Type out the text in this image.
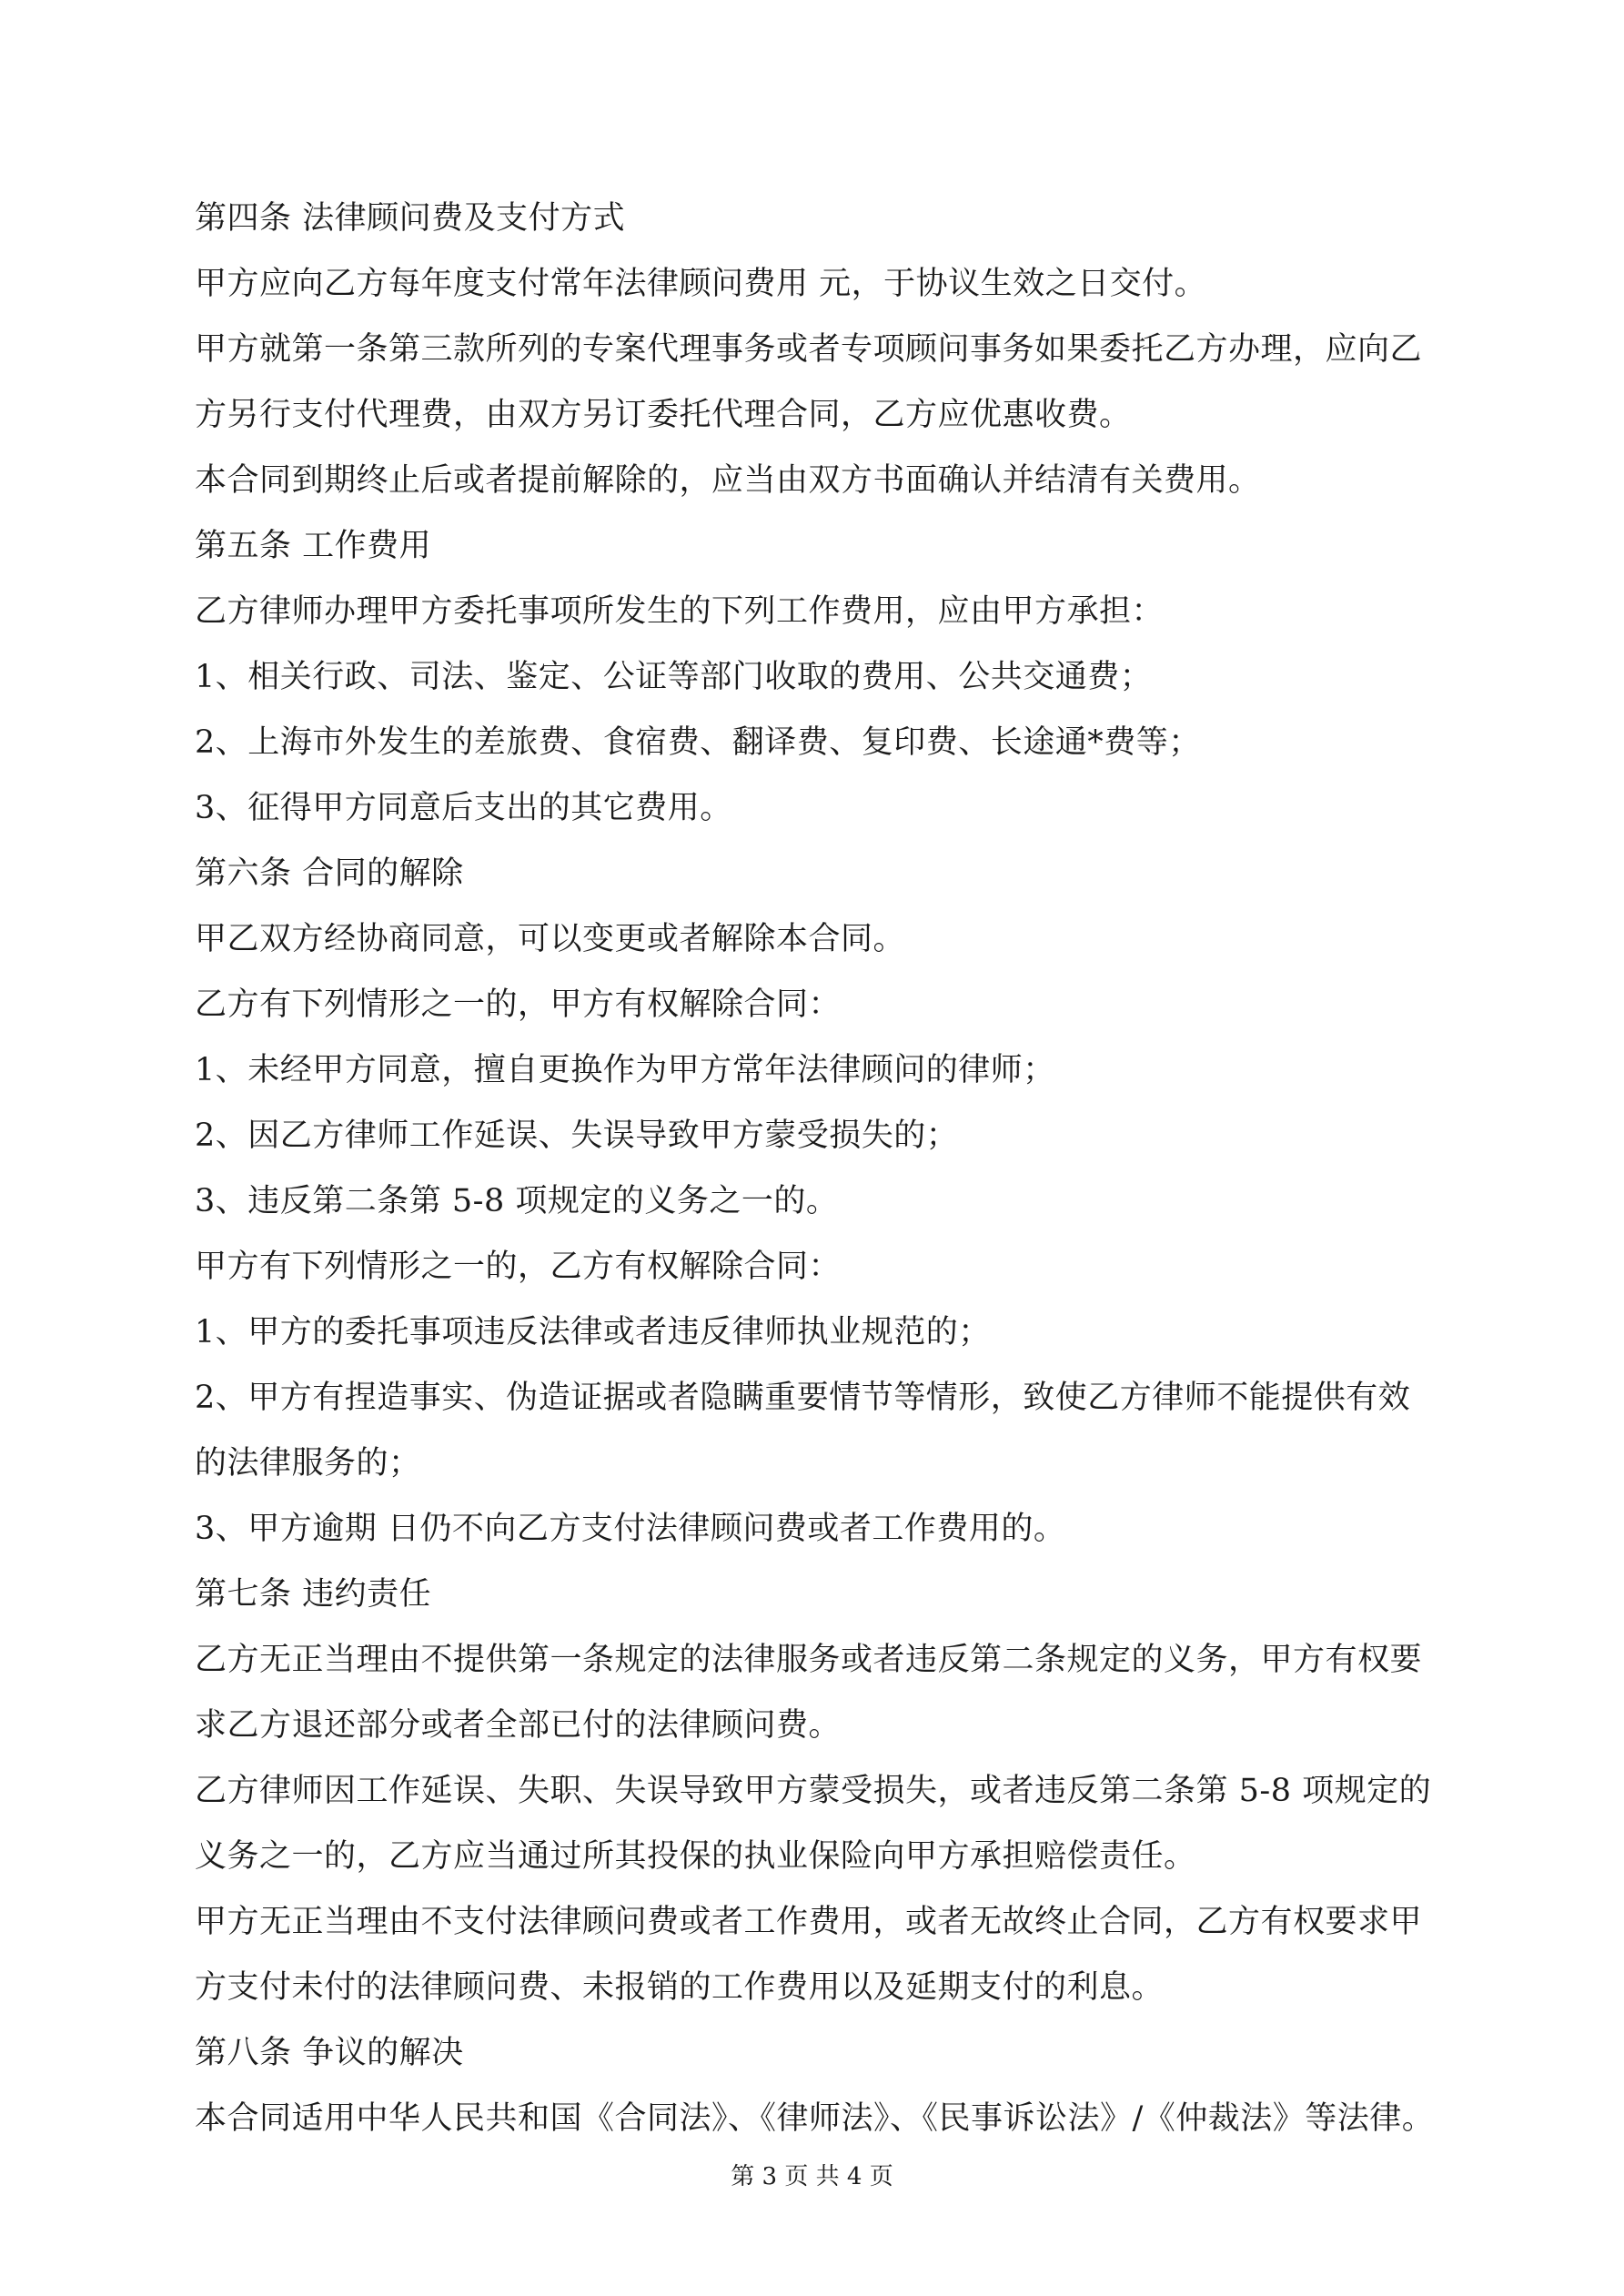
第四条 法律顾问费及支付方式

甲方应向乙方每年度支付常年法律顾问费用 元，于协议生效之日交付。

甲方就第一条第三款所列的专案代理事务或者专项顾问事务如果委托乙方办理，应向乙

方另行支付代理费，由双方另订委托代理合同，乙方应优惠收费。

本合同到期终止后或者提前解除的，应当由双方书面确认并结清有关费用。

第五条 工作费用

乙方律师办理甲方委托事项所发生的下列工作费用，应由甲方承担：

1、相关行政、司法、鉴定、公证等部门收取的费用、公共交通费；

2、上海市外发生的差旅费、食宿费、翻译费、复印费、长途通*费等；

3、征得甲方同意后支出的其它费用。

第六条 合同的解除

甲乙双方经协商同意，可以变更或者解除本合同。

乙方有下列情形之一的，甲方有权解除合同：

1、未经甲方同意，擅自更换作为甲方常年法律顾问的律师；

2、因乙方律师工作延误、失误导致甲方蒙受损失的；

3、违反第二条第 5-8 项规定的义务之一的。

甲方有下列情形之一的，乙方有权解除合同：

1、甲方的委托事项违反法律或者违反律师执业规范的；

2、甲方有捏造事实、伪造证据或者隐瞒重要情节等情形，致使乙方律师不能提供有效

的法律服务的；

3、甲方逾期 日仍不向乙方支付法律顾问费或者工作费用的。

第七条 违约责任

乙方无正当理由不提供第一条规定的法律服务或者违反第二条规定的义务，甲方有权要

求乙方退还部分或者全部已付的法律顾问费。

乙方律师因工作延误、失职、失误导致甲方蒙受损失，或者违反第二条第 5-8 项规定的

义务之一的，乙方应当通过所其投保的执业保险向甲方承担赔偿责任。

甲方无正当理由不支付法律顾问费或者工作费用，或者无故终止合同，乙方有权要求甲

方支付未付的法律顾问费、未报销的工作费用以及延期支付的利息。

第八条 争议的解决

本合同适用中华人民共和国《合同法》、《律师法》、《民事诉讼法》/《仲裁法》等法律。

第 3 页 共 4 页
